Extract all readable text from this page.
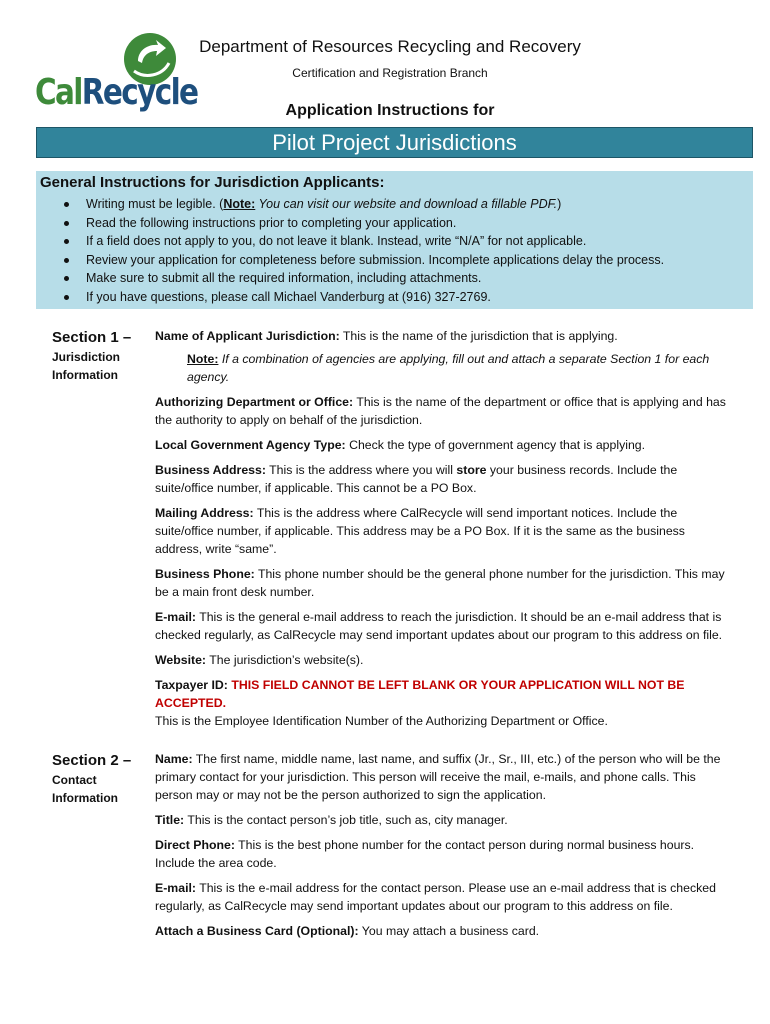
CalRecycle
Department of Resources Recycling and Recovery
Certification and Registration Branch
Application Instructions for
Pilot Project Jurisdictions
General Instructions for Jurisdiction Applicants:
Writing must be legible. (Note: You can visit our website and download a fillable PDF.)
Read the following instructions prior to completing your application.
If a field does not apply to you, do not leave it blank. Instead, write “N/A” for not applicable.
Review your application for completeness before submission. Incomplete applications delay the process.
Make sure to submit all the required information, including attachments.
If you have questions, please call Michael Vanderburg at (916) 327-2769.
Section 1 –
Jurisdiction
Information

Name of Applicant Jurisdiction: This is the name of the jurisdiction that is applying.

Note: If a combination of agencies are applying, fill out and attach a separate Section 1 for each agency.

Authorizing Department or Office: This is the name of the department or office that is applying and has the authority to apply on behalf of the jurisdiction.

Local Government Agency Type: Check the type of government agency that is applying.

Business Address: This is the address where you will store your business records. Include the suite/office number, if applicable. This cannot be a PO Box.

Mailing Address: This is the address where CalRecycle will send important notices. Include the suite/office number, if applicable. This address may be a PO Box. If it is the same as the business address, write “same”.

Business Phone: This phone number should be the general phone number for the jurisdiction. This may be a main front desk number.

E-mail: This is the general e-mail address to reach the jurisdiction. It should be an e-mail address that is checked regularly, as CalRecycle may send important updates about our program to this address on file.

Website: The jurisdiction’s website(s).

Taxpayer ID: THIS FIELD CANNOT BE LEFT BLANK OR YOUR APPLICATION WILL NOT BE ACCEPTED.
This is the Employee Identification Number of the Authorizing Department or Office.

Section 2 –
Contact
Information

Name: The first name, middle name, last name, and suffix (Jr., Sr., III, etc.) of the person who will be the primary contact for your jurisdiction. This person will receive the mail, e-mails, and phone calls. This person may or may not be the person authorized to sign the application.

Title: This is the contact person’s job title, such as, city manager.

Direct Phone: This is the best phone number for the contact person during normal business hours. Include the area code.

E-mail: This is the e-mail address for the contact person. Please use an e-mail address that is checked regularly, as CalRecycle may send important updates about our program to this address on file.

Attach a Business Card (Optional): You may attach a business card.
